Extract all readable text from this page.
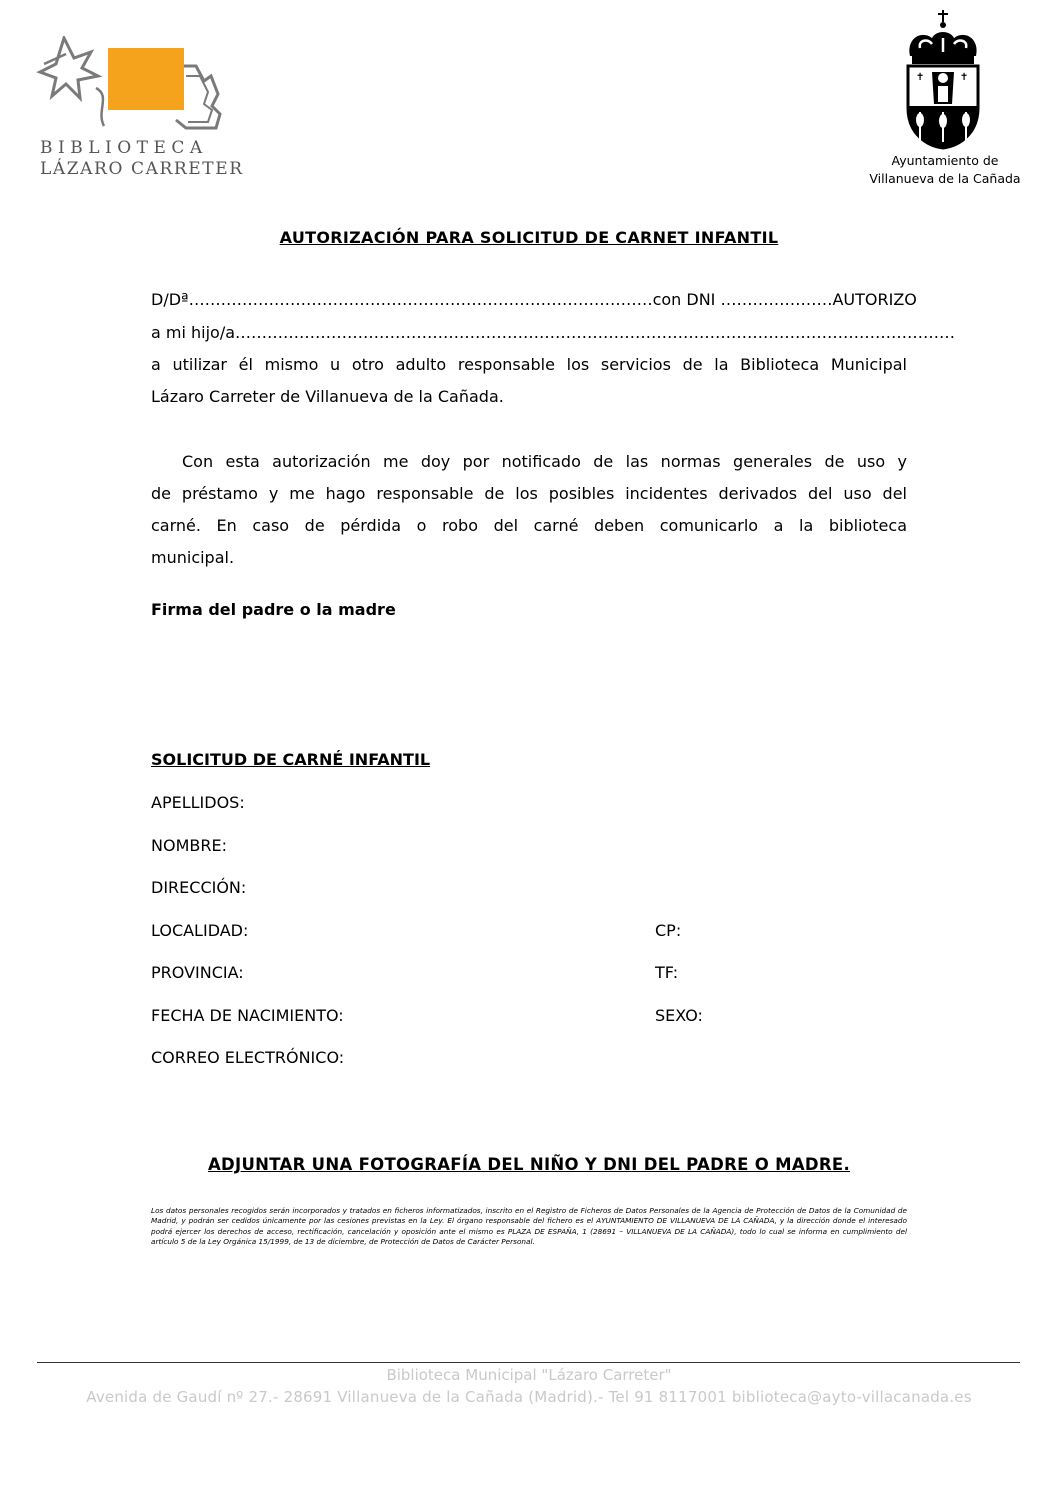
BIBLIOTECA
LÁZARO CARRETER
✝	✝
Ayuntamiento de
Villanueva de la Cañada
AUTORIZACIÓN PARA SOLICITUD DE CARNET INFANTIL
D/Dª……………………………………………………………………………con DNI …………………AUTORIZO
a mi hijo/a………………………………………………………………………………………………………………………
a utilizar él mismo u otro adulto responsable los servicios de la Biblioteca Municipal
Lázaro Carreter de Villanueva de la Cañada.
Con esta autorización me doy por notificado de las normas generales de uso y
de préstamo y me hago responsable de los posibles incidentes derivados del uso del
carné. En caso de pérdida o robo del carné deben comunicarlo a la biblioteca
municipal.
Firma del padre o la madre
SOLICITUD DE CARNÉ INFANTIL
APELLIDOS:
NOMBRE:
DIRECCIÓN:
LOCALIDAD:	CP:
PROVINCIA:	TF:
FECHA DE NACIMIENTO:	SEXO:
CORREO ELECTRÓNICO:
ADJUNTAR UNA FOTOGRAFÍA DEL NIÑO Y DNI DEL PADRE O MADRE.
Los datos personales recogidos serán incorporados y tratados en ficheros informatizados, inscrito en el Registro de Ficheros de Datos Personales de la Agencia de Protección de Datos de la Comunidad de Madrid, y podrán ser cedidos únicamente por las cesiones previstas en la Ley. El órgano responsable del fichero es el AYUNTAMIENTO DE VILLANUEVA DE LA CAÑADA, y la dirección donde el interesado podrá ejercer los derechos de acceso, rectificación, cancelación y oposición ante el mismo es PLAZA DE ESPAÑA, 1 (28691 – VILLANUEVA DE LA CAÑADA), todo lo cual se informa en cumplimiento del artículo 5 de la Ley Orgánica 15/1999, de 13 de diciembre, de Protección de Datos de Carácter Personal.
Biblioteca Municipal "Lázaro Carreter"
Avenida de Gaudí nº 27.- 28691 Villanueva de la Cañada (Madrid).- Tel 91 8117001 biblioteca@ayto-villacanada.es
